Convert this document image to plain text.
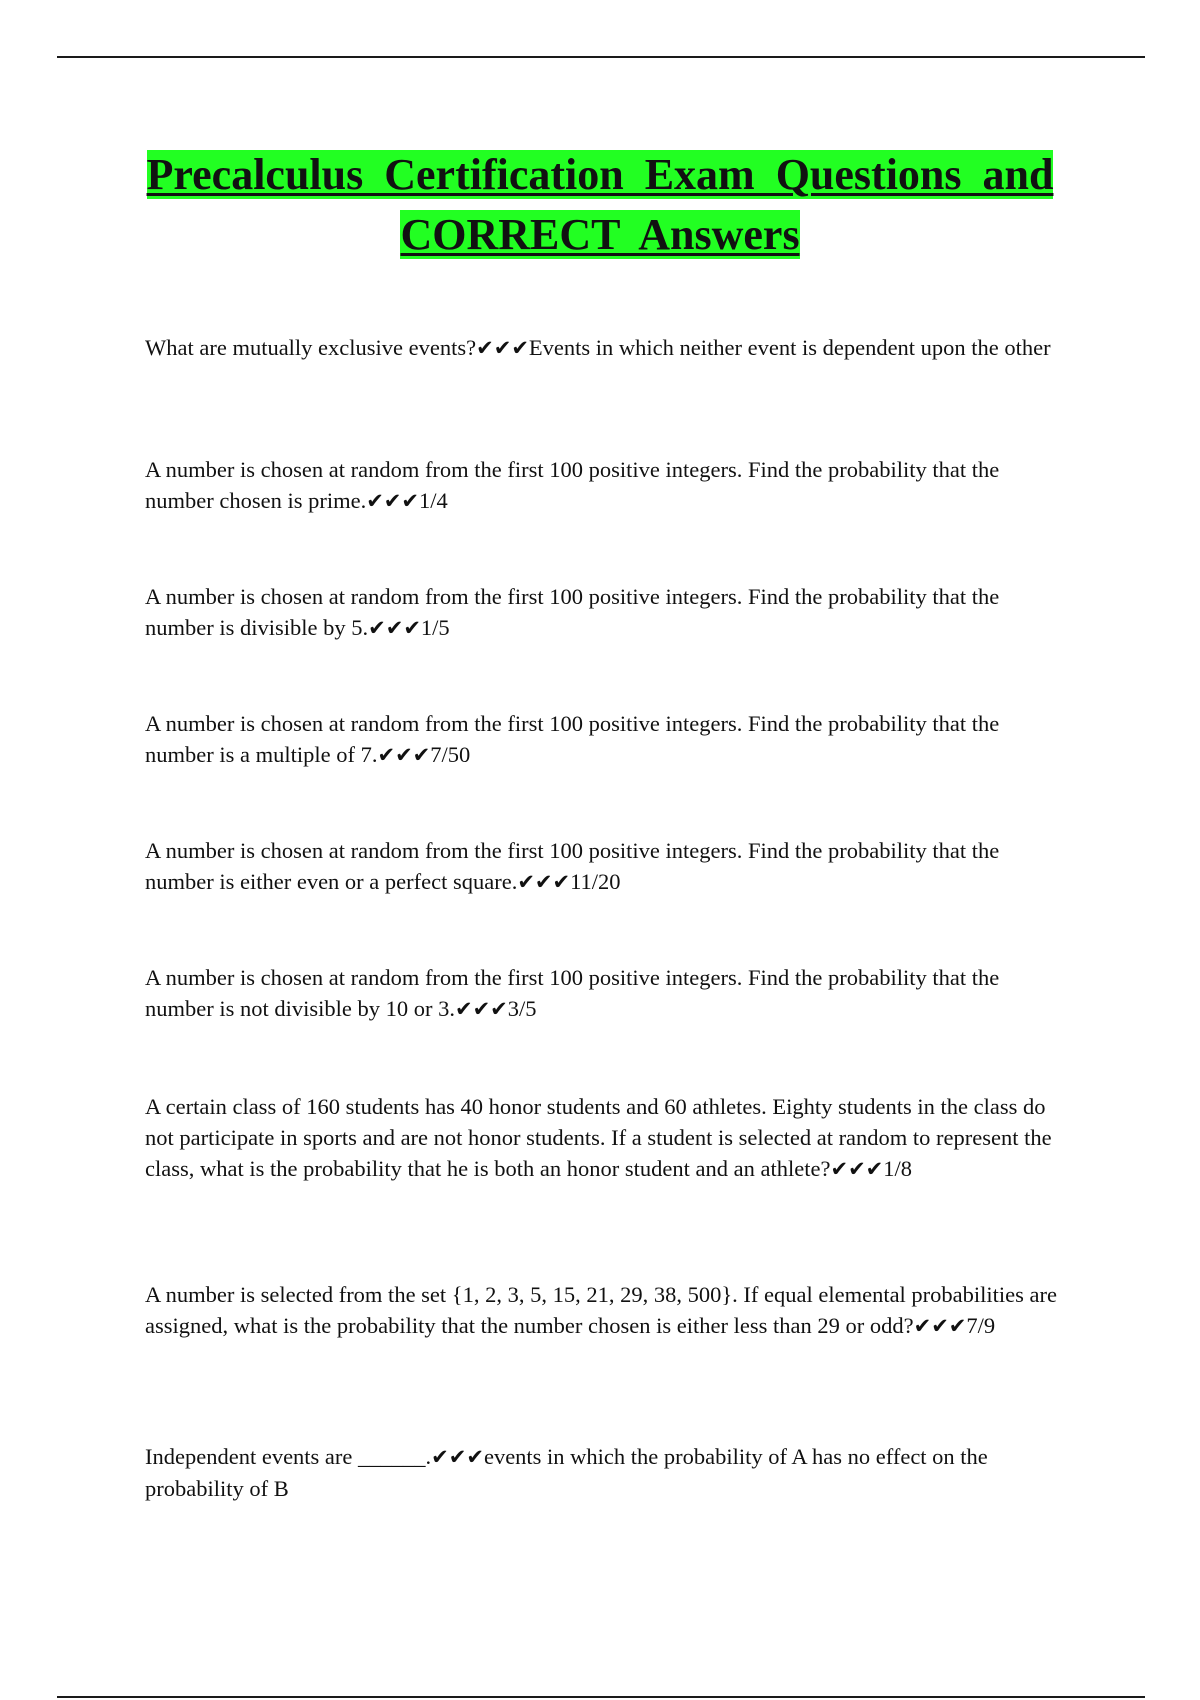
Precalculus Certification Exam Questions and CORRECT Answers

What are mutually exclusive events?✔✔✔Events in which neither event is dependent upon the other

A number is chosen at random from the first 100 positive integers. Find the probability that the number chosen is prime.✔✔✔1/4

A number is chosen at random from the first 100 positive integers. Find the probability that the number is divisible by 5.✔✔✔1/5

A number is chosen at random from the first 100 positive integers. Find the probability that the number is a multiple of 7.✔✔✔7/50

A number is chosen at random from the first 100 positive integers. Find the probability that the number is either even or a perfect square.✔✔✔11/20

A number is chosen at random from the first 100 positive integers. Find the probability that the number is not divisible by 10 or 3.✔✔✔3/5

A certain class of 160 students has 40 honor students and 60 athletes. Eighty students in the class do not participate in sports and are not honor students. If a student is selected at random to represent the class, what is the probability that he is both an honor student and an athlete?✔✔✔1/8

A number is selected from the set {1, 2, 3, 5, 15, 21, 29, 38, 500}. If equal elemental probabilities are assigned, what is the probability that the number chosen is either less than 29 or odd?✔✔✔7/9

Independent events are ______.✔✔✔events in which the probability of A has no effect on the probability of B
